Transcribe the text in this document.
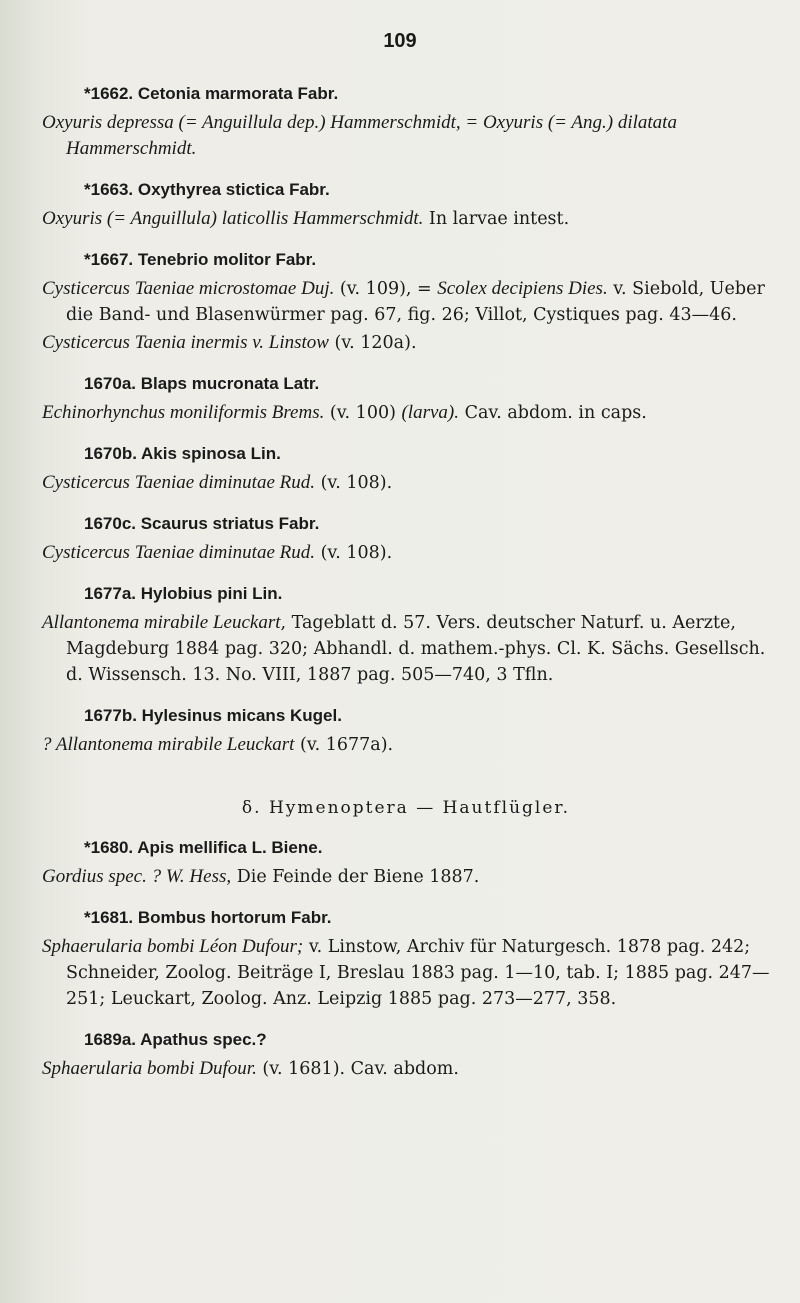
109
*1662. Cetonia marmorata Fabr.
Oxyuris depressa (= Anguillula dep.) Hammerschmidt, = Oxyuris (= Ang.) dilatata Hammerschmidt.
*1663. Oxythyrea stictica Fabr.
Oxyuris (= Anguillula) laticollis Hammerschmidt. In larvae intest.
*1667. Tenebrio molitor Fabr.
Cysticercus Taeniae microstomae Duj. (v. 109), = Scolex decipiens Dies. v. Siebold, Ueber die Band- und Blasenwürmer pag. 67, fig. 26; Villot, Cystiques pag. 43—46.
Cysticercus Taenia inermis v. Linstow (v. 120a).
1670a. Blaps mucronata Latr.
Echinorhynchus moniliformis Brems. (v. 100) (larva). Cav. abdom. in caps.
1670b. Akis spinosa Lin.
Cysticercus Taeniae diminutae Rud. (v. 108).
1670c. Scaurus striatus Fabr.
Cysticercus Taeniae diminutae Rud. (v. 108).
1677a. Hylobius pini Lin.
Allantonema mirabile Leuckart, Tageblatt d. 57. Vers. deutscher Naturf. u. Aerzte, Magdeburg 1884 pag. 320; Abhandl. d. mathem.-phys. Cl. K. Sächs. Gesellsch. d. Wissensch. 13. No. VIII, 1887 pag. 505—740, 3 Tfln.
1677b. Hylesinus micans Kugel.
? Allantonema mirabile Leuckart (v. 1677a).
δ. Hymenoptera — Hautflügler.
*1680. Apis mellifica L. Biene.
Gordius spec. ? W. Hess, Die Feinde der Biene 1887.
*1681. Bombus hortorum Fabr.
Sphaerularia bombi Léon Dufour; v. Linstow, Archiv für Naturgesch. 1878 pag. 242; Schneider, Zoolog. Beiträge I, Breslau 1883 pag. 1—10, tab. I; 1885 pag. 247—251; Leuckart, Zoolog. Anz. Leipzig 1885 pag. 273—277, 358.
1689a. Apathus spec.?
Sphaerularia bombi Dufour. (v. 1681). Cav. abdom.
